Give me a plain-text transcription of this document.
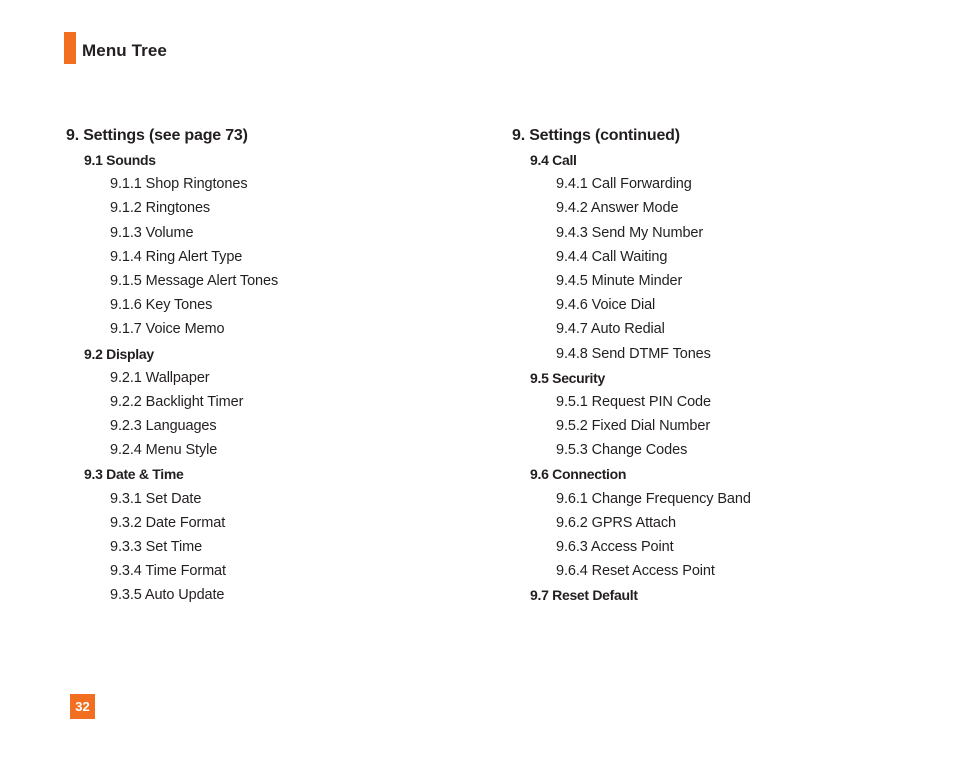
Menu Tree
9. Settings (see page 73)
9.1 Sounds
9.1.1 Shop Ringtones
9.1.2 Ringtones
9.1.3 Volume
9.1.4 Ring Alert Type
9.1.5 Message Alert Tones
9.1.6 Key Tones
9.1.7 Voice Memo
9.2 Display
9.2.1 Wallpaper
9.2.2 Backlight Timer
9.2.3 Languages
9.2.4 Menu Style
9.3 Date & Time
9.3.1 Set Date
9.3.2 Date Format
9.3.3 Set Time
9.3.4 Time Format
9.3.5 Auto Update
9. Settings (continued)
9.4 Call
9.4.1 Call Forwarding
9.4.2 Answer Mode
9.4.3 Send My Number
9.4.4 Call Waiting
9.4.5 Minute Minder
9.4.6 Voice Dial
9.4.7 Auto Redial
9.4.8 Send DTMF Tones
9.5 Security
9.5.1 Request PIN Code
9.5.2 Fixed Dial Number
9.5.3 Change Codes
9.6 Connection
9.6.1 Change Frequency Band
9.6.2 GPRS Attach
9.6.3 Access Point
9.6.4 Reset Access Point
9.7 Reset Default
32
